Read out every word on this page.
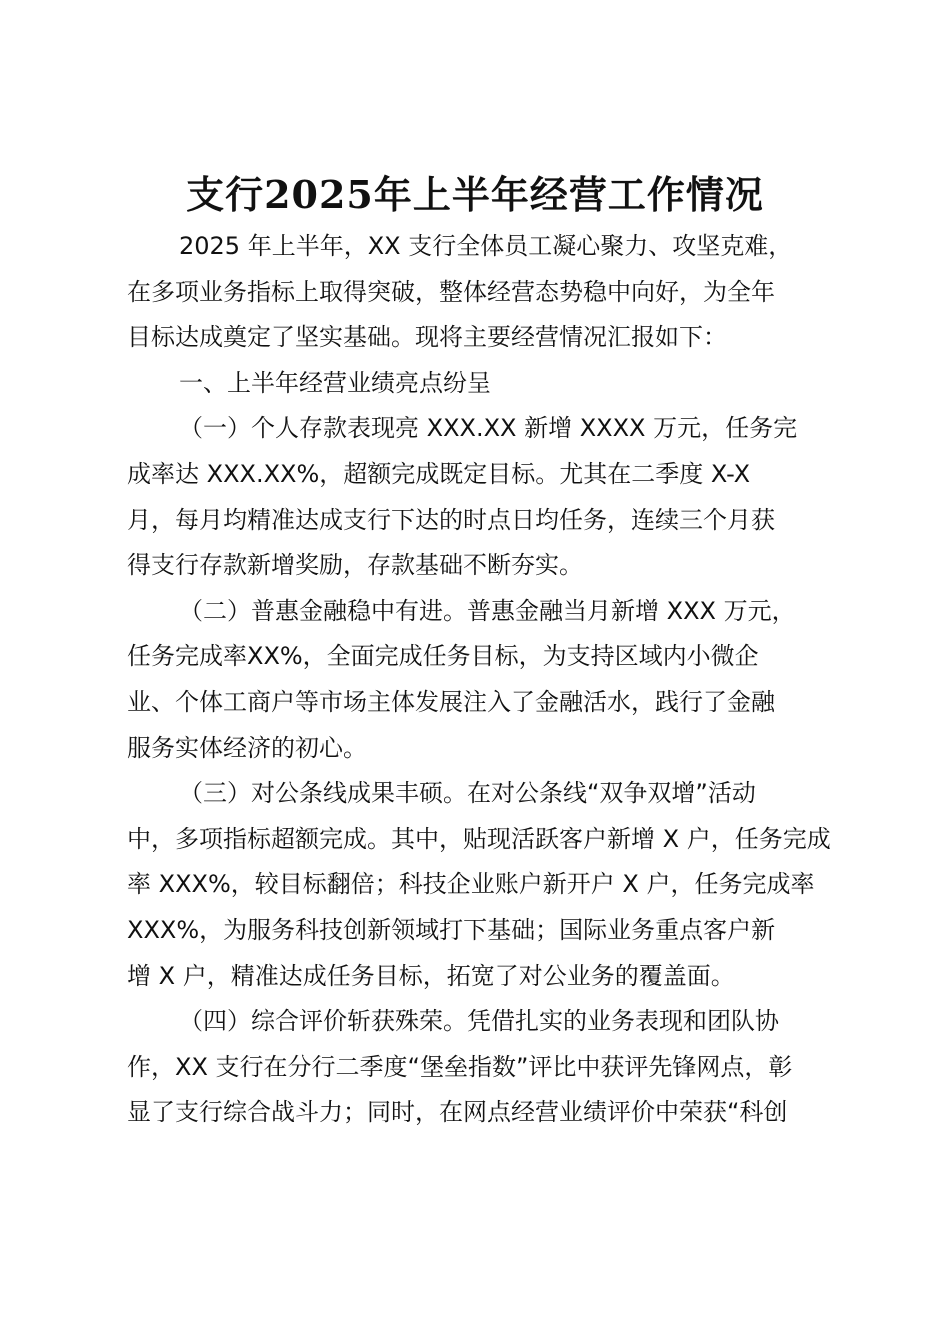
支行2025年上半年经营工作情况
2025 年上半年，XX 支行全体员工凝心聚力、攻坚克难，
在多项业务指标上取得突破，整体经营态势稳中向好，为全年
目标达成奠定了坚实基础。现将主要经营情况汇报如下：
一、上半年经营业绩亮点纷呈
（一）个人存款表现亮 XXX.XX 新增 XXXX 万元，任务完
成率达 XXX.XX%，超额完成既定目标。尤其在二季度 X-X
月，每月均精准达成支行下达的时点日均任务，连续三个月获
得支行存款新增奖励，存款基础不断夯实。
（二）普惠金融稳中有进。普惠金融当月新增 XXX 万元，
任务完成率XX%，全面完成任务目标，为支持区域内小微企
业、个体工商户等市场主体发展注入了金融活水，践行了金融
服务实体经济的初心。
（三）对公条线成果丰硕。在对公条线“双争双增”活动
中，多项指标超额完成。其中，贴现活跃客户新增 X 户，任务完成
率 XXX%，较目标翻倍；科技企业账户新开户 X 户，任务完成率
XXX%，为服务科技创新领域打下基础；国际业务重点客户新
增 X 户，精准达成任务目标，拓宽了对公业务的覆盖面。
（四）综合评价斩获殊荣。凭借扎实的业务表现和团队协
作，XX 支行在分行二季度“堡垒指数”评比中获评先锋网点，彰
显了支行综合战斗力；同时，在网点经营业绩评价中荣获“科创
